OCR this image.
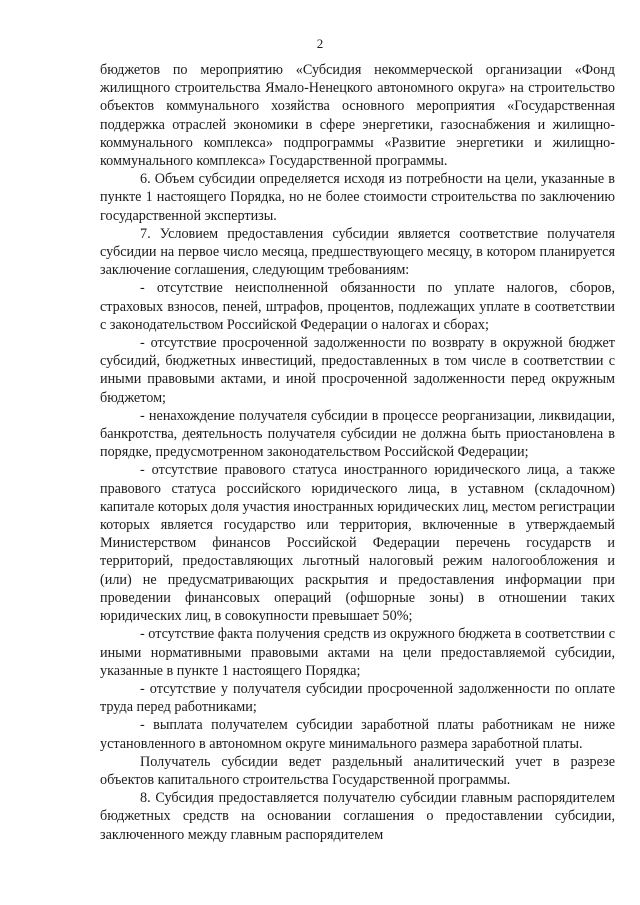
2

бюджетов по мероприятию «Субсидия некоммерческой организации «Фонд жилищного строительства Ямало-Ненецкого автономного округа» на строительство объектов коммунального хозяйства основного мероприятия «Государственная поддержка отраслей экономики в сфере энергетики, газоснабжения и жилищно-коммунального комплекса» подпрограммы «Развитие энергетики и жилищно-коммунального комплекса» Государственной программы.

6. Объем субсидии определяется исходя из потребности на цели, указанные в пункте 1 настоящего Порядка, но не более стоимости строительства по заключению государственной экспертизы.

7. Условием предоставления субсидии является соответствие получателя субсидии на первое число месяца, предшествующего месяцу, в котором планируется заключение соглашения, следующим требованиям:

- отсутствие неисполненной обязанности по уплате налогов, сборов, страховых взносов, пеней, штрафов, процентов, подлежащих уплате в соответствии с законодательством Российской Федерации о налогах и сборах;

- отсутствие просроченной задолженности по возврату в окружной бюджет субсидий, бюджетных инвестиций, предоставленных в том числе в соответствии с иными правовыми актами, и иной просроченной задолженности перед окружным бюджетом;

- ненахождение получателя субсидии в процессе реорганизации, ликвидации, банкротства, деятельность получателя субсидии не должна быть приостановлена в порядке, предусмотренном законодательством Российской Федерации;

- отсутствие правового статуса иностранного юридического лица, а также правового статуса российского юридического лица, в уставном (складочном) капитале которых доля участия иностранных юридических лиц, местом регистрации которых является государство или территория, включенные в утверждаемый Министерством финансов Российской Федерации перечень государств и территорий, предоставляющих льготный налоговый режим налогообложения и (или) не предусматривающих раскрытия и предоставления информации при проведении финансовых операций (офшорные зоны) в отношении таких юридических лиц, в совокупности превышает 50%;

- отсутствие факта получения средств из окружного бюджета в соответствии с иными нормативными правовыми актами на цели предоставляемой субсидии, указанные в пункте 1 настоящего Порядка;

- отсутствие у получателя субсидии просроченной задолженности по оплате труда перед работниками;

- выплата получателем субсидии заработной платы работникам не ниже установленного в автономном округе минимального размера заработной платы.

Получатель субсидии ведет раздельный аналитический учет в разрезе объектов капитального строительства Государственной программы.

8. Субсидия предоставляется получателю субсидии главным распорядителем бюджетных средств на основании соглашения о предоставлении субсидии, заключенного между главным распорядителем
